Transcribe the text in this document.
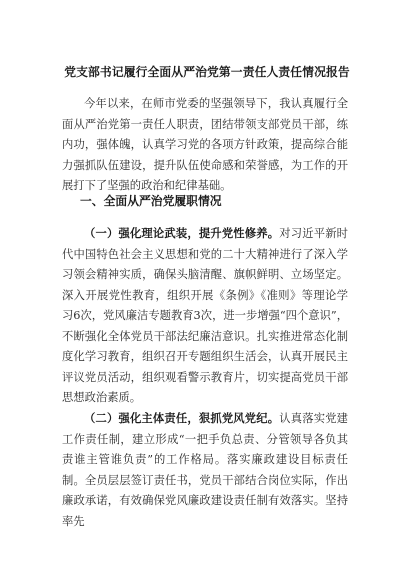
党支部书记履行全面从严治党第一责任人责任情况报告
今年以来，在师市党委的坚强领导下，我认真履行全面从严治党第一责任人职责，团结带领支部党员干部，练内功，强体魄，认真学习党的各项方针政策，提高综合能力强抓队伍建设，提升队伍使命感和荣誉感，为工作的开展打下了坚强的政治和纪律基础。
一、全面从严治党履职情况
（一）强化理论武装，提升党性修养。对习近平新时代中国特色社会主义思想和党的二十大精神进行了深入学习领会精神实质，确保头脑清醒、旗帜鲜明、立场坚定。深入开展党性教育，组织开展《条例》《准则》等理论学习6次，党风廉洁专题教育3次，进一步增强“四个意识”，不断强化全体党员干部法纪廉洁意识。扎实推进常态化制度化学习教育，组织召开专题组织生活会，认真开展民主评议党员活动，组织观看警示教育片，切实提高党员干部思想政治素质。
（二）强化主体责任，狠抓党风党纪。认真落实党建工作责任制，建立形成“一把手负总责、分管领导各负其责谁主管谁负责”的工作格局。落实廉政建设目标责任制。全员层层签订责任书，党员干部结合岗位实际，作出廉政承诺，有效确保党风廉政建设责任制有效落实。坚持率先
